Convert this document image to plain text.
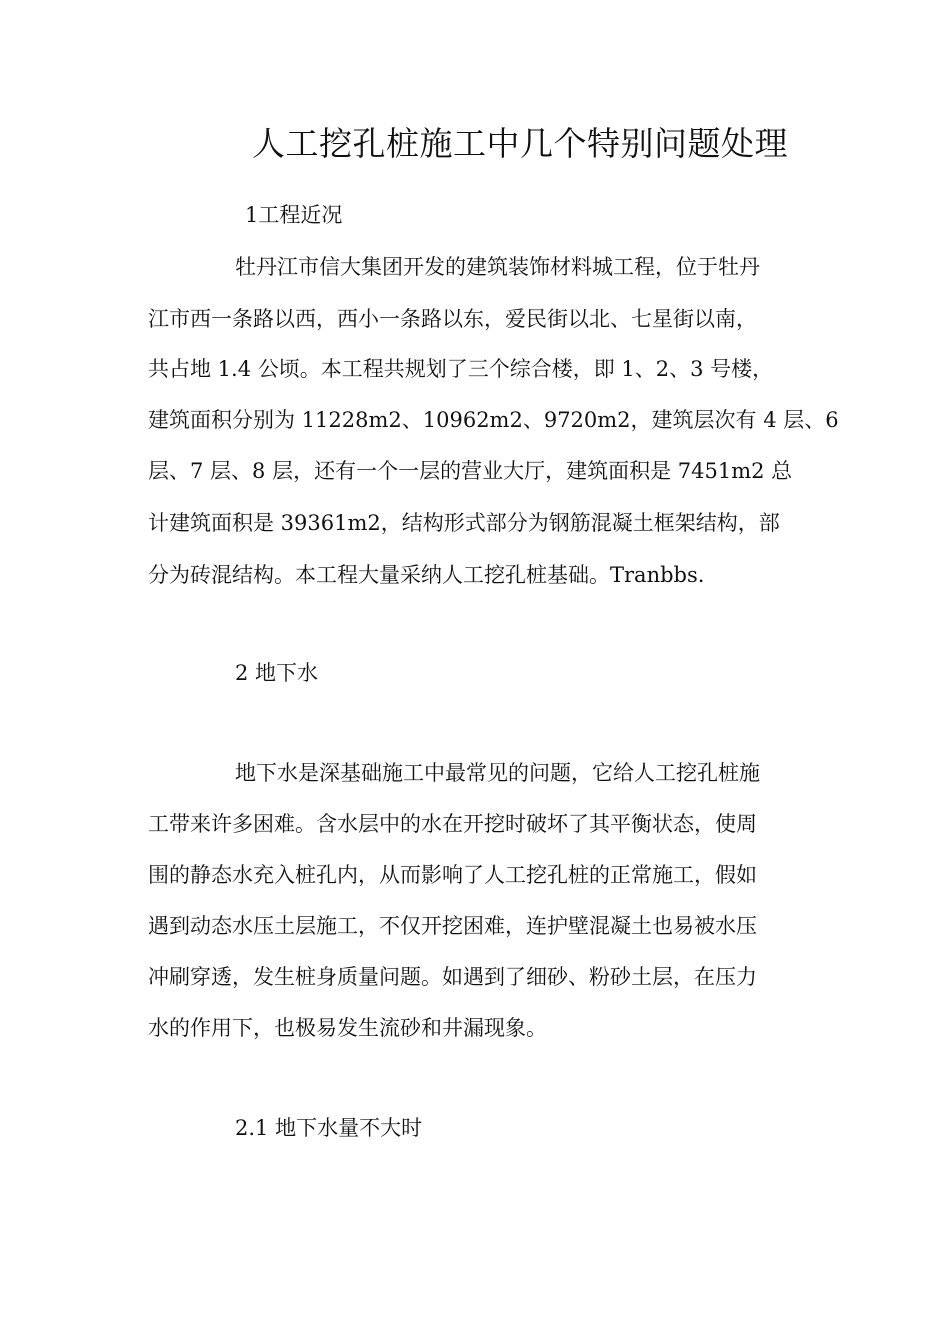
人工挖孔桩施工中几个特别问题处理
1工程近况
牡丹江市信大集团开发的建筑装饰材料城工程，位于牡丹
江市西一条路以西，西小一条路以东，爱民街以北、七星街以南，
共占地 1.4 公顷。本工程共规划了三个综合楼，即 1、2、3 号楼，
建筑面积分别为 11228m2、10962m2、9720m2，建筑层次有 4 层、6
层、7 层、8 层，还有一个一层的营业大厅，建筑面积是 7451m2 总
计建筑面积是 39361m2，结构形式部分为钢筋混凝土框架结构，部
分为砖混结构。本工程大量采纳人工挖孔桩基础。Tranbbs.
2 地下水
地下水是深基础施工中最常见的问题，它给人工挖孔桩施
工带来许多困难。含水层中的水在开挖时破坏了其平衡状态，使周
围的静态水充入桩孔内，从而影响了人工挖孔桩的正常施工，假如
遇到动态水压土层施工，不仅开挖困难，连护壁混凝土也易被水压
冲刷穿透，发生桩身质量问题。如遇到了细砂、粉砂土层，在压力
水的作用下，也极易发生流砂和井漏现象。
2.1 地下水量不大时
